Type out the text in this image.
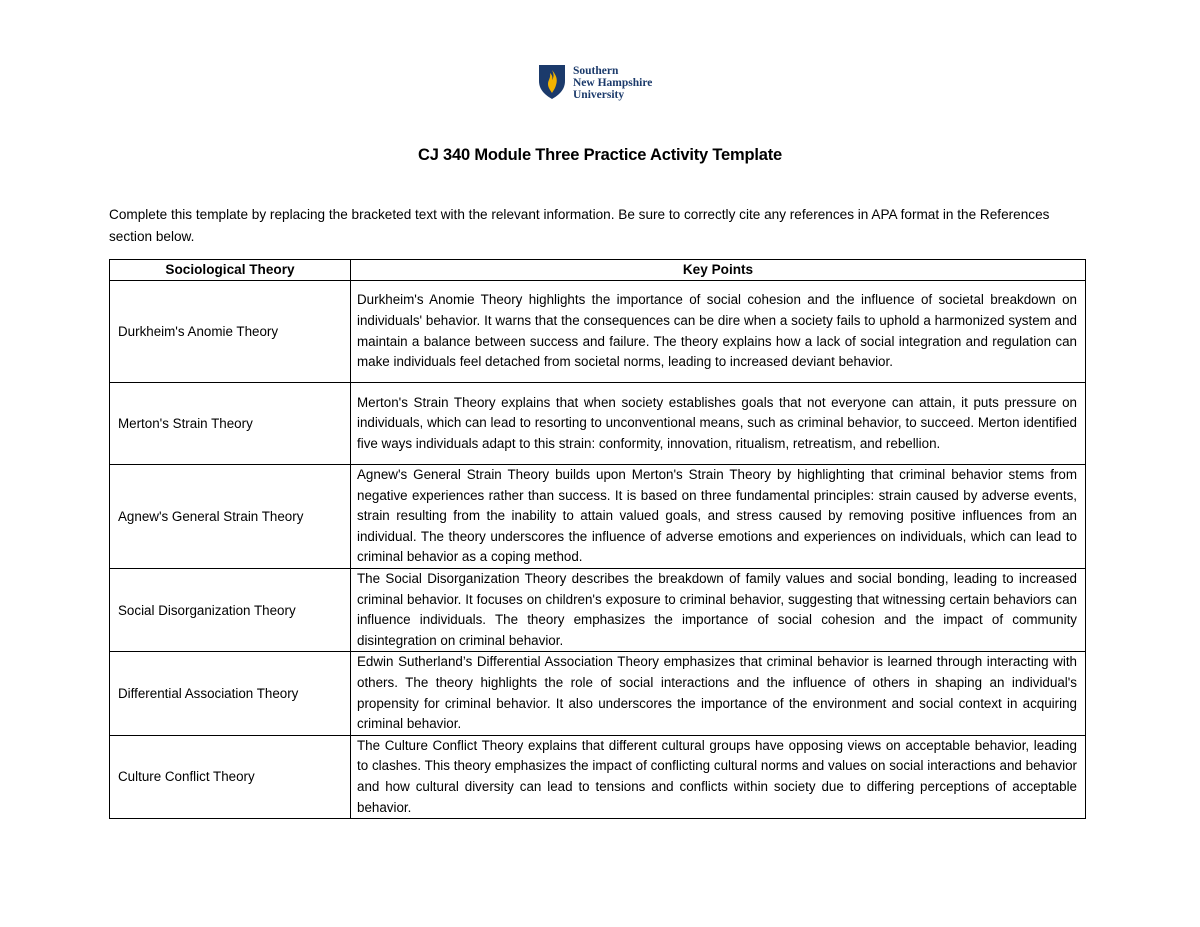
Southern
New Hampshire
University
CJ 340 Module Three Practice Activity Template
Complete this template by replacing the bracketed text with the relevant information. Be sure to correctly cite any references in APA format in the References section below.
Sociological Theory	Key Points
Durkheim's Anomie Theory	Durkheim's Anomie Theory highlights the importance of social cohesion and the influence of societal breakdown on individuals' behavior. It warns that the consequences can be dire when a society fails to uphold a harmonized system and maintain a balance between success and failure. The theory explains how a lack of social integration and regulation can make individuals feel detached from societal norms, leading to increased deviant behavior.
Merton's Strain Theory	Merton's Strain Theory explains that when society establishes goals that not everyone can attain, it puts pressure on individuals, which can lead to resorting to unconventional means, such as criminal behavior, to succeed. Merton identified five ways individuals adapt to this strain: conformity, innovation, ritualism, retreatism, and rebellion.
Agnew's General Strain Theory	Agnew's General Strain Theory builds upon Merton's Strain Theory by highlighting that criminal behavior stems from negative experiences rather than success. It is based on three fundamental principles: strain caused by adverse events, strain resulting from the inability to attain valued goals, and stress caused by removing positive influences from an individual. The theory underscores the influence of adverse emotions and experiences on individuals, which can lead to criminal behavior as a coping method.
Social Disorganization Theory	The Social Disorganization Theory describes the breakdown of family values and social bonding, leading to increased criminal behavior. It focuses on children's exposure to criminal behavior, suggesting that witnessing certain behaviors can influence individuals. The theory emphasizes the importance of social cohesion and the impact of community disintegration on criminal behavior.
Differential Association Theory	Edwin Sutherland’s Differential Association Theory emphasizes that criminal behavior is learned through interacting with others. The theory highlights the role of social interactions and the influence of others in shaping an individual's propensity for criminal behavior. It also underscores the importance of the environment and social context in acquiring criminal behavior.
Culture Conflict Theory	The Culture Conflict Theory explains that different cultural groups have opposing views on acceptable behavior, leading to clashes. This theory emphasizes the impact of conflicting cultural norms and values on social interactions and behavior and how cultural diversity can lead to tensions and conflicts within society due to differing perceptions of acceptable behavior.
